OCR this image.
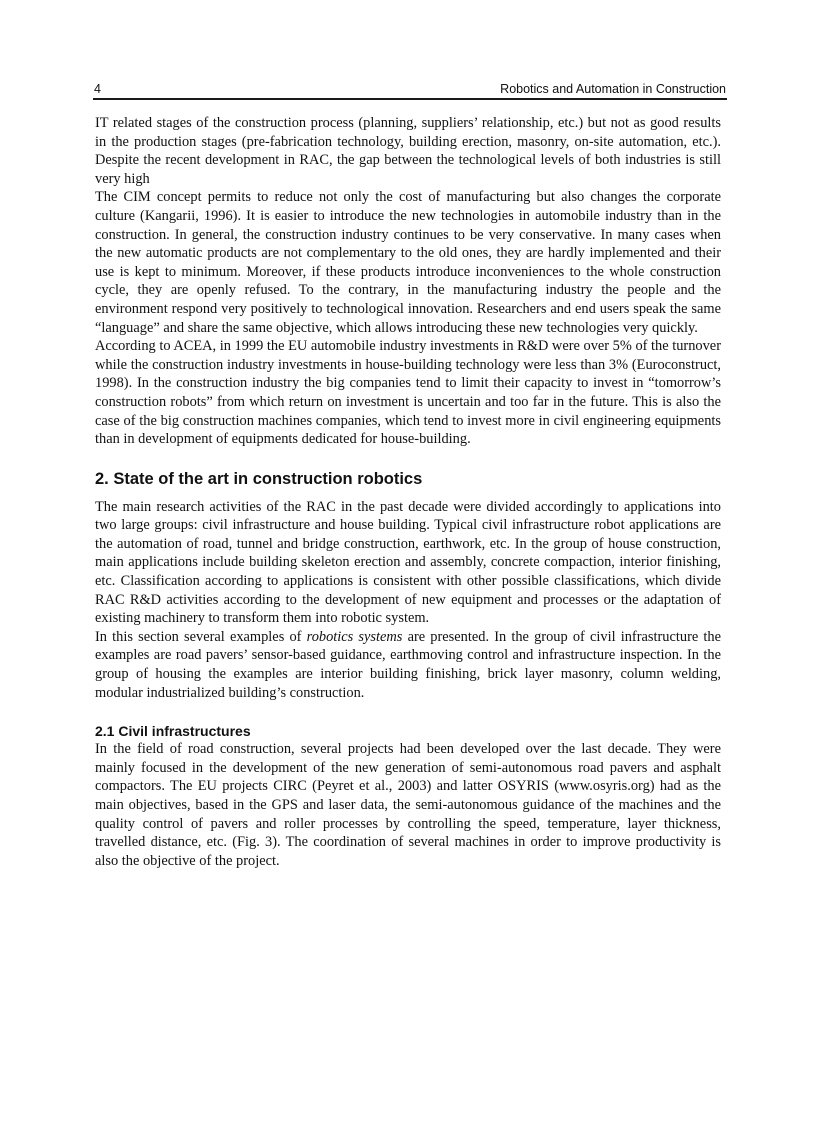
4	Robotics and Automation in Construction

IT related stages of the construction process (planning, suppliers’ relationship, etc.) but not as good results in the production stages (pre-fabrication technology, building erection, masonry, on-site automation, etc.). Despite the recent development in RAC, the gap between the technological levels of both industries is still very high

The CIM concept permits to reduce not only the cost of manufacturing but also changes the corporate culture (Kangarii, 1996). It is easier to introduce the new technologies in automobile industry than in the construction. In general, the construction industry continues to be very conservative. In many cases when the new automatic products are not complementary to the old ones, they are hardly implemented and their use is kept to minimum. Moreover, if these products introduce inconveniences to the whole construction cycle, they are openly refused. To the contrary, in the manufacturing industry the people and the environment respond very positively to technological innovation. Researchers and end users speak the same “language” and share the same objective, which allows introducing these new technologies very quickly.

According to ACEA, in 1999 the EU automobile industry investments in R&D were over 5% of the turnover while the construction industry investments in house-building technology were less than 3% (Euroconstruct, 1998). In the construction industry the big companies tend to limit their capacity to invest in “tomorrow’s construction robots” from which return on investment is uncertain and too far in the future. This is also the case of the big construction machines companies, which tend to invest more in civil engineering equipments than in development of equipments dedicated for house-building.

2. State of the art in construction robotics

The main research activities of the RAC in the past decade were divided accordingly to applications into two large groups: civil infrastructure and house building. Typical civil infrastructure robot applications are the automation of road, tunnel and bridge construction, earthwork, etc. In the group of house construction, main applications include building skeleton erection and assembly, concrete compaction, interior finishing, etc. Classification according to applications is consistent with other possible classifications, which divide RAC R&D activities according to the development of new equipment and processes or the adaptation of existing machinery to transform them into robotic system.

In this section several examples of robotics systems are presented. In the group of civil infrastructure the examples are road pavers’ sensor-based guidance, earthmoving control and infrastructure inspection. In the group of housing the examples are interior building finishing, brick layer masonry, column welding, modular industrialized building’s construction.

2.1 Civil infrastructures

In the field of road construction, several projects had been developed over the last decade. They were mainly focused in the development of the new generation of semi-autonomous road pavers and asphalt compactors. The EU projects CIRC (Peyret et al., 2003) and latter OSYRIS (www.osyris.org) had as the main objectives, based in the GPS and laser data, the semi-autonomous guidance of the machines and the quality control of pavers and roller processes by controlling the speed, temperature, layer thickness, travelled distance, etc. (Fig. 3). The coordination of several machines in order to improve productivity is also the objective of the project.
